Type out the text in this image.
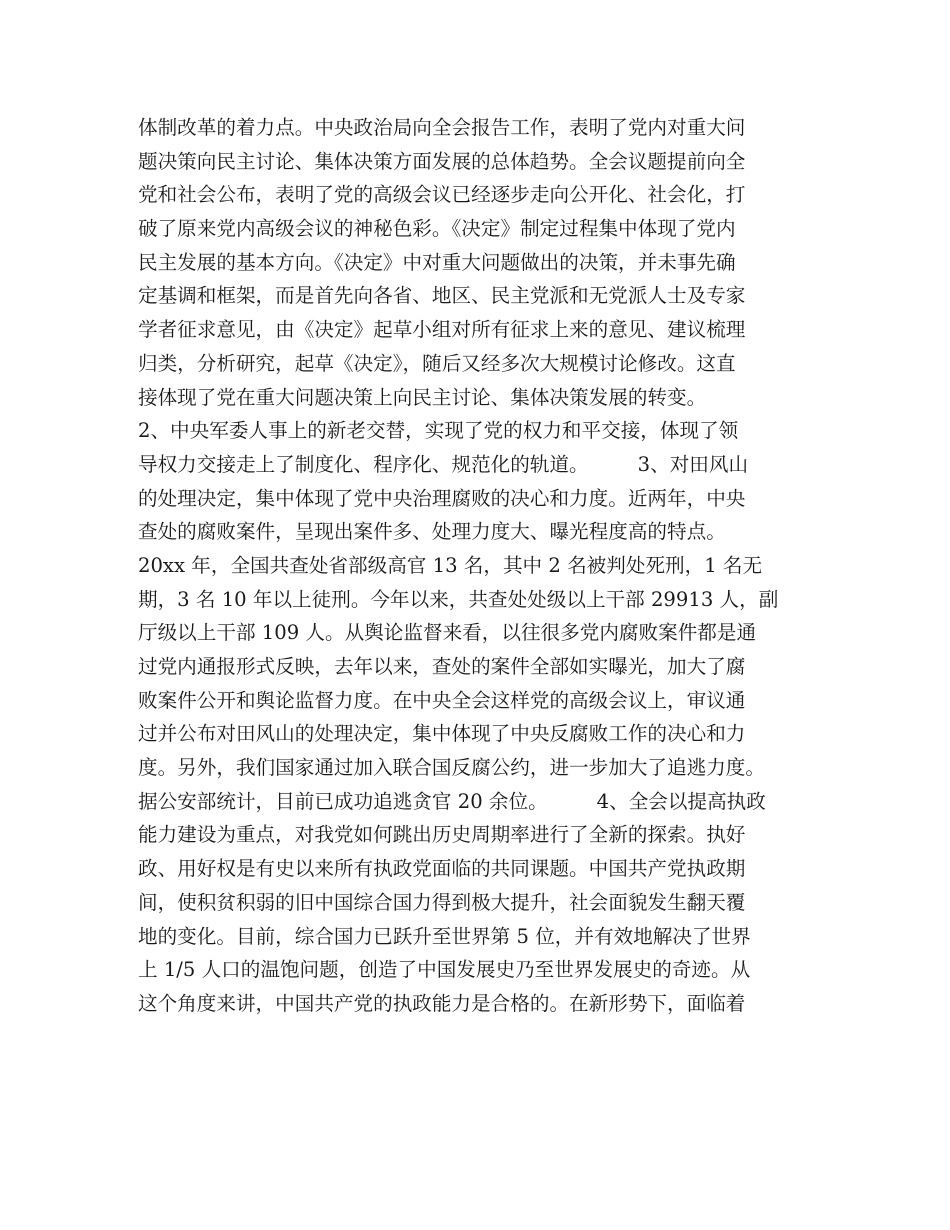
体制改革的着力点。中央政治局向全会报告工作，表明了党内对重大问
题决策向民主讨论、集体决策方面发展的总体趋势。全会议题提前向全
党和社会公布，表明了党的高级会议已经逐步走向公开化、社会化，打
破了原来党内高级会议的神秘色彩。《决定》制定过程集中体现了党内
民主发展的基本方向。《决定》中对重大问题做出的决策，并未事先确
定基调和框架，而是首先向各省、地区、民主党派和无党派人士及专家
学者征求意见，由《决定》起草小组对所有征求上来的意见、建议梳理
归类，分析研究，起草《决定》，随后又经多次大规模讨论修改。这直
接体现了党在重大问题决策上向民主讨论、集体决策发展的转变。
2、中央军委人事上的新老交替，实现了党的权力和平交接，体现了领
导权力交接走上了制度化、程序化、规范化的轨道。　　　3、对田风山
的处理决定，集中体现了党中央治理腐败的决心和力度。近两年，中央
查处的腐败案件，呈现出案件多、处理力度大、曝光程度高的特点。
20xx 年，全国共查处省部级高官 13 名，其中 2 名被判处死刑，1 名无
期，3 名 10 年以上徒刑。今年以来，共查处处级以上干部 29913 人，副
厅级以上干部 109 人。从舆论监督来看，以往很多党内腐败案件都是通
过党内通报形式反映，去年以来，查处的案件全部如实曝光，加大了腐
败案件公开和舆论监督力度。在中央全会这样党的高级会议上，审议通
过并公布对田风山的处理决定，集中体现了中央反腐败工作的决心和力
度。另外，我们国家通过加入联合国反腐公约，进一步加大了追逃力度。
据公安部统计，目前已成功追逃贪官 20 余位。　　　4、全会以提高执政
能力建设为重点，对我党如何跳出历史周期率进行了全新的探索。执好
政、用好权是有史以来所有执政党面临的共同课题。中国共产党执政期
间，使积贫积弱的旧中国综合国力得到极大提升，社会面貌发生翻天覆
地的变化。目前，综合国力已跃升至世界第 5 位，并有效地解决了世界
上 1/5 人口的温饱问题，创造了中国发展史乃至世界发展史的奇迹。从
这个角度来讲，中国共产党的执政能力是合格的。在新形势下，面临着
